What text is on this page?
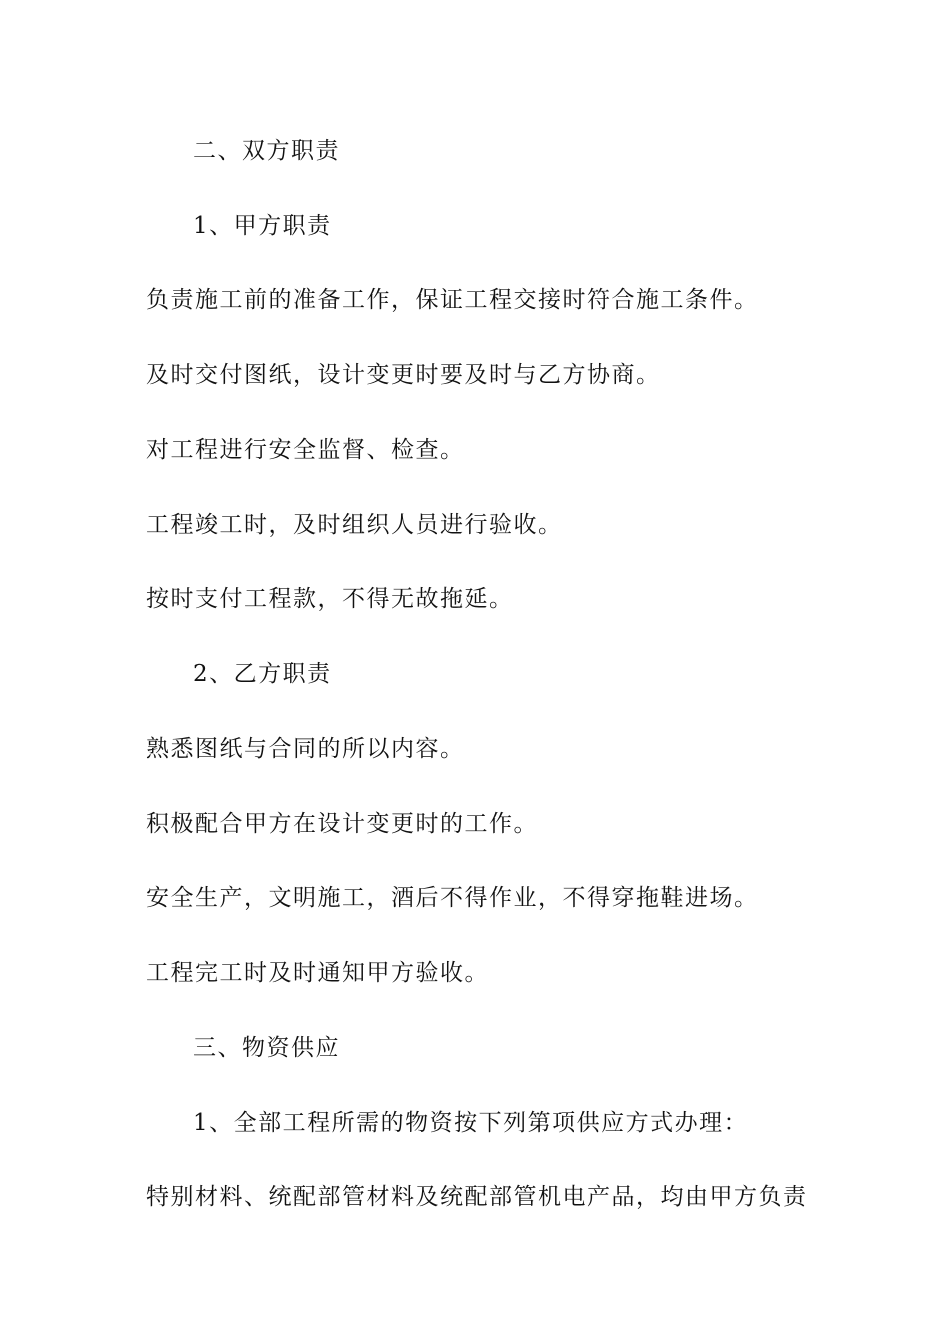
二、双方职责
1、甲方职责
负责施工前的准备工作，保证工程交接时符合施工条件。
及时交付图纸，设计变更时要及时与乙方协商。
对工程进行安全监督、检查。
工程竣工时，及时组织人员进行验收。
按时支付工程款，不得无故拖延。
2、乙方职责
熟悉图纸与合同的所以内容。
积极配合甲方在设计变更时的工作。
安全生产，文明施工，酒后不得作业，不得穿拖鞋进场。
工程完工时及时通知甲方验收。
三、物资供应
1、全部工程所需的物资按下列第项供应方式办理：
特别材料、统配部管材料及统配部管机电产品，均由甲方负责
